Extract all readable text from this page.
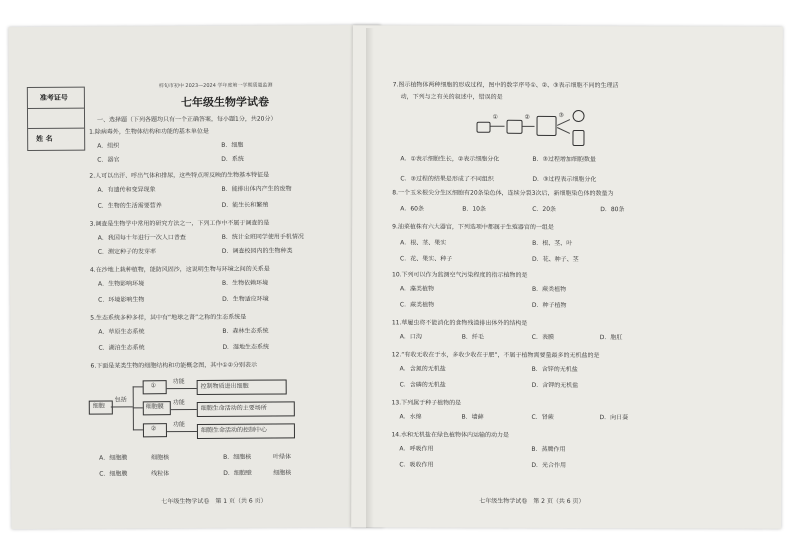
准考证号
姓 名
梓旬市初中 2023—2024 学年度第一学期质量监测
七年级生物学试卷
一、选择题（下列各题均只有一个正确答案，每小题1分，共20分）
1.除病毒外，生物体结构和功能的基本单位是
A．组织	B．细胞
C．器官	D．系统
2.人可以出汗、呼出气体和排尿，这些特点所反映的生物基本特征是
A．有遗传和变异现象	B．能排出体内产生的废物
C．生物的生活需要营养	D．能生长和繁殖
3.调查是生物学中常用的研究方法之一，下列工作中不属于调查的是
A．我国每十年进行一次人口普查	B．统计全班同学使用手机情况
C．测定种子的发芽率	D．调查校园内的生物种类
4.在沙地上栽种植物，能防风固沙，这说明生物与环境之间的关系是
A．生物影响环境	B．生物依赖环境
C．环境影响生物	D．生物适应环境
5.生态系统多种多样，其中有“地球之肾”之称的生态系统是
A．草原生态系统	B．森林生态系统
C．湖泊生态系统	D．湿地生态系统
6.下面是某类生物的细胞结构和功能概念图，其中①②分别表示
细胞
包括
①
细胞膜
②
功能
功能
功能
控制物质进出细胞
细胞生命活动的主要场所
细胞生命活动的控制中心
A．细胞膜	细胞核	B．细胞核	叶绿体
C．细胞膜	线粒体	D．细胞壁	细胞核
七年级生物学试卷　第 1 页（共 6 页）
7.图示植物体两种细胞的形成过程，图中的数字序号①、②、③表示细胞不同的生理活
动，下列与之有关的叙述中，错误的是
①	②	③
A．①表示细胞生长，②表示细胞分化	B．③过程增加细胞数量
C．③过程的结果是形成了不同组织	D．③过程表示细胞分化
8.一个玉米根尖分生区细胞有20条染色体，连续分裂3次后，新细胞染色体的数量为
A．60条	B．10条	C．20条	D．80条
9.油菜植株有六大器官，下列选项中都属于生殖器官的一组是
A．根、茎、果实	B．根、茎、叶
C．花、果实、种子	D．花、种子、茎
10.下列可以作为监测空气污染程度的指示植物的是
A．藻类植物	B．蕨类植物
C．蕨类植物	D．种子植物
11.草履虫将不能消化的食物残渣排出体外的结构是
A．口沟	B．纤毛	C．表膜	D．胞肛
12.“有收无收在于水，多收少收在于肥”，不属于植物需要量最多的无机盐的是
A．含氮的无机盐	B．含锌的无机盐
C．含磷的无机盐	D．含钾的无机盐
13.下列属于种子植物的是
A．水绵	B．墙藓	C．肾蕨	D．向日葵
14.水和无机盐在绿色植物体内运输的动力是
A．呼吸作用	B．蒸腾作用
C．吸收作用	D．光合作用
七年级生物学试卷　第 2 页（共 6 页）
